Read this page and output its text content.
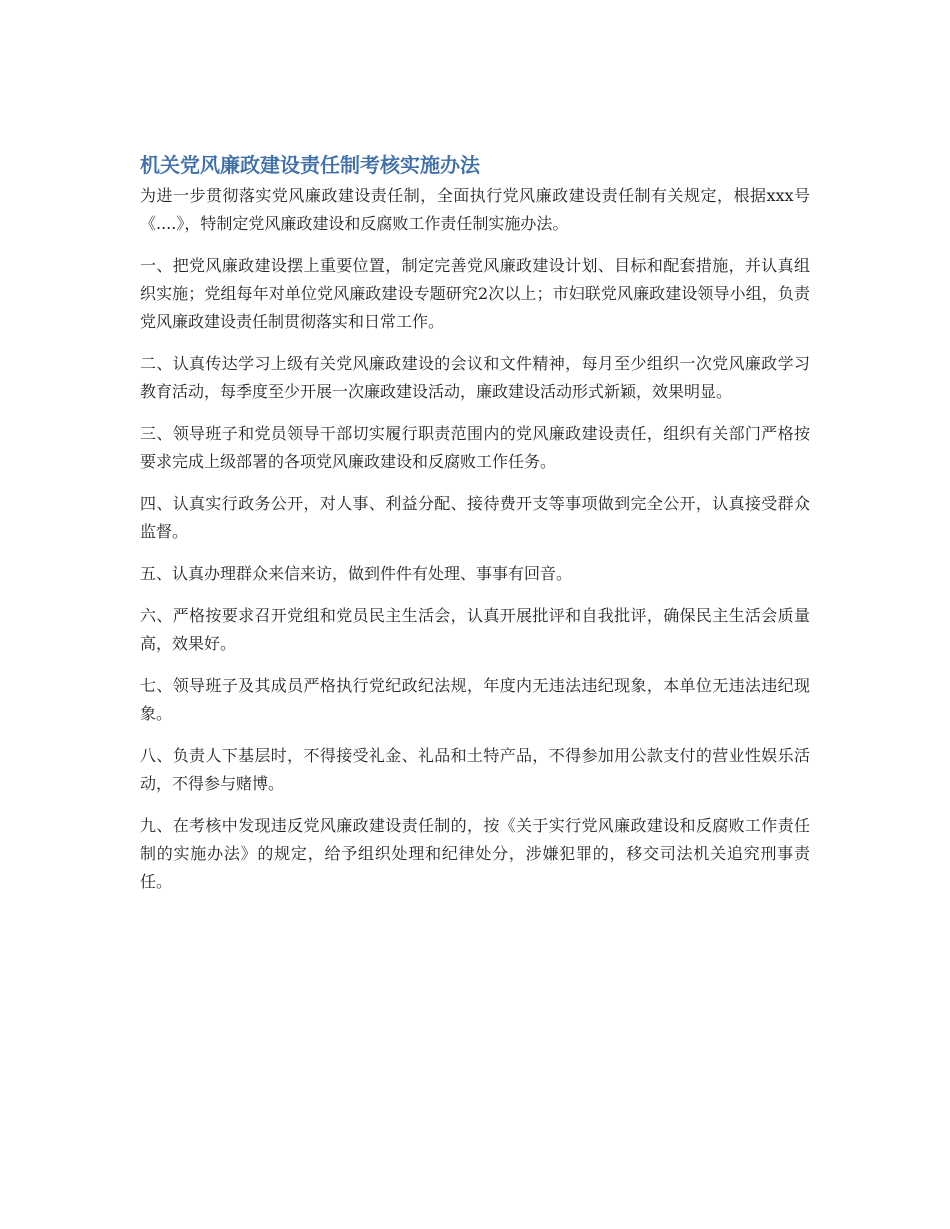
机关党风廉政建设责任制考核实施办法

为进一步贯彻落实党风廉政建设责任制，全面执行党风廉政建设责任制有关规定，根据xxx号《....》，特制定党风廉政建设和反腐败工作责任制实施办法。

一、把党风廉政建设摆上重要位置，制定完善党风廉政建设计划、目标和配套措施，并认真组织实施；党组每年对单位党风廉政建设专题研究2次以上；市妇联党风廉政建设领导小组，负责党风廉政建设责任制贯彻落实和日常工作。

二、认真传达学习上级有关党风廉政建设的会议和文件精神，每月至少组织一次党风廉政学习教育活动，每季度至少开展一次廉政建设活动，廉政建设活动形式新颖，效果明显。

三、领导班子和党员领导干部切实履行职责范围内的党风廉政建设责任，组织有关部门严格按要求完成上级部署的各项党风廉政建设和反腐败工作任务。

四、认真实行政务公开，对人事、利益分配、接待费开支等事项做到完全公开，认真接受群众监督。

五、认真办理群众来信来访，做到件件有处理、事事有回音。

六、严格按要求召开党组和党员民主生活会，认真开展批评和自我批评，确保民主生活会质量高，效果好。

七、领导班子及其成员严格执行党纪政纪法规，年度内无违法违纪现象，本单位无违法违纪现象。

八、负责人下基层时，不得接受礼金、礼品和土特产品，不得参加用公款支付的营业性娱乐活动，不得参与赌博。

九、在考核中发现违反党风廉政建设责任制的，按《关于实行党风廉政建设和反腐败工作责任制的实施办法》的规定，给予组织处理和纪律处分，涉嫌犯罪的，移交司法机关追究刑事责任。
